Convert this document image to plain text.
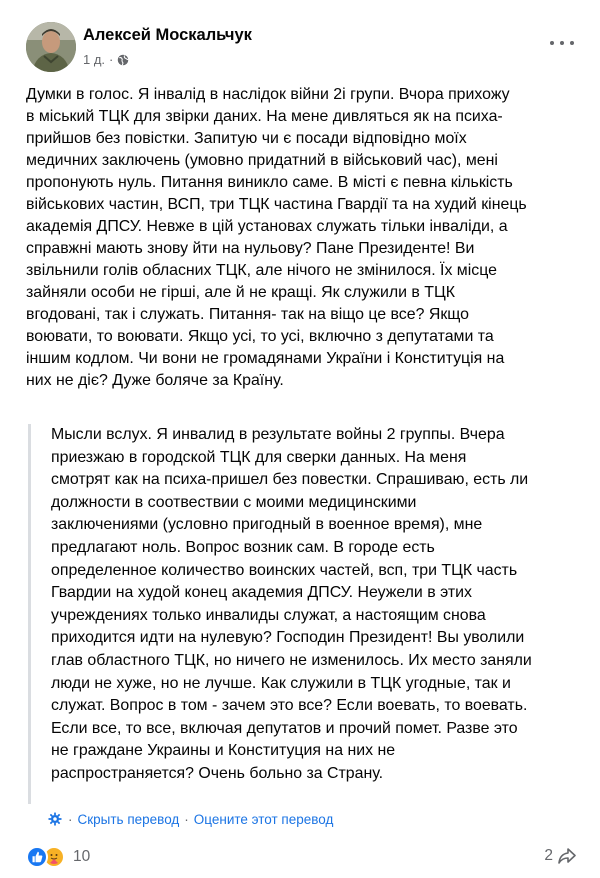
Алексей Москальчук
1 д. ·
Думки в голос. Я інвалід в наслідок війни 2і групи. Вчора прихожу
в міський ТЦК для звірки даних. На мене дивляться як на психа-
прийшов без повістки. Запитую чи є посади відповідно моїх
медичних заключень (умовно придатний в військовий час), мені
пропонують нуль. Питання виникло саме. В місті є певна кількість
військових частин, ВСП, три ТЦК частина Гвардії та на худий кінець
академія ДПСУ. Невже в цій установах служать тільки інваліди, а
справжні мають знову йти на нульову? Пане Президенте! Ви
звільнили голів обласних ТЦК, але нічого не змінилося. Їх місце
зайняли особи не гірші, але й не кращі. Як служили в ТЦК
вгодовані, так і служать. Питання- так на віщо це все? Якщо
воювати, то воювати. Якщо усі, то усі, включно з депутатами та
іншим кодлом. Чи вони не громадянами України і Конституція на
них не діє? Дуже боляче за Країну.
Мысли вслух. Я инвалид в результате войны 2 группы. Вчера
приезжаю в городской ТЦК для сверки данных. На меня
смотрят как на психа-пришел без повестки. Спрашиваю, есть ли
должности в соотвествии с моими медицинскими
заключениями (условно пригодный в военное время), мне
предлагают ноль. Вопрос возник сам. В городе есть
определенное количество воинских частей, всп, три ТЦК часть
Гвардии на худой конец академия ДПСУ. Неужели в этих
учреждениях только инвалиды служат, а настоящим снова
приходится идти на нулевую? Господин Президент! Вы уволили
глав областного ТЦК, но ничего не изменилось. Их место заняли
люди не хуже, но не лучше. Как служили в ТЦК угодные, так и
служат. Вопрос в том - зачем это все? Если воевать, то воевать.
Если все, то все, включая депутатов и прочий помет. Разве это
не граждане Украины и Конституция на них не
распространяется? Очень больно за Страну.
· Скрыть перевод · Оцените этот перевод
10	2
